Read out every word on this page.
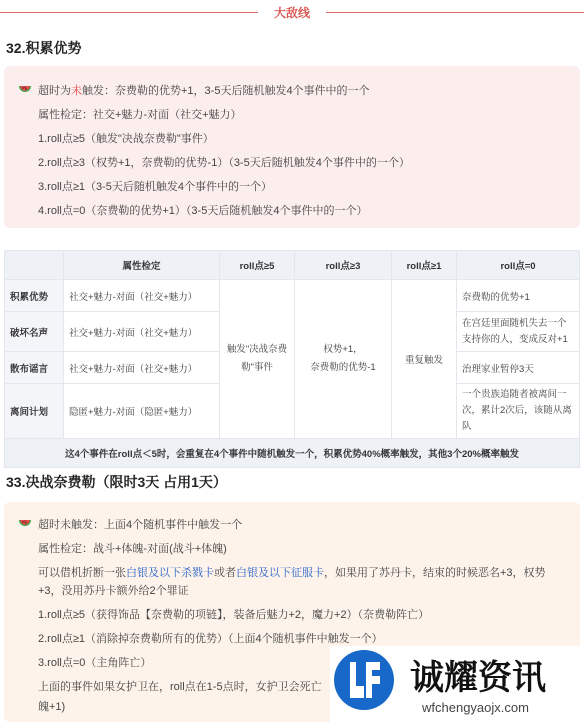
大敌线
32.积累优势
超时为未触发：奈费勒的优势+1，3-5天后随机触发4个事件中的一个
属性检定：社交+魅力-对面（社交+魅力）
1.roll点≥5（触发"决战奈费勒"事件）
2.roll点≥3（权势+1，奈费勒的优势-1）（3-5天后随机触发4个事件中的一个）
3.roll点≥1（3-5天后随机触发4个事件中的一个）
4.roll点=0（奈费勒的优势+1）（3-5天后随机触发4个事件中的一个）
	属性检定	roll点≥5	roll点≥3	roll点≥1	roll点=0
积累优势	社交+魅力-对面（社交+魅力）	触发"决战奈费勒"事件	权势+1，
奈费勒的优势-1	重复触发	奈费勒的优势+1
破坏名声	社交+魅力-对面（社交+魅力）				在宫廷里面随机失去一个支持你的人，变成反对+1
散布谣言	社交+魅力-对面（社交+魅力）				治理家业暂停3天
离间计划	隐匿+魅力-对面（隐匿+魅力）				一个贵族追随者被离间一次，累计2次后，该随从离队
这4个事件在roll点＜5时，会重复在4个事件中随机触发一个，积累优势40%概率触发，其他3个20%概率触发					
33.决战奈费勒（限时3天 占用1天）
超时未触发：上面4个随机事件中触发一个
属性检定：战斗+体魄-对面(战斗+体魄)
可以借机折断一张白银及以下杀戮卡或者白银及以下征服卡，如果用了苏丹卡，结束的时候恶名+3，权势
+3，没用苏丹卡额外给2个罪证
1.roll点≥5（获得饰品【奈费勒的项链】，装备后魅力+2，魔力+2）（奈费勒阵亡）
2.roll点≥1（消除掉奈费勒所有的优势）（上面4个随机事件中触发一个）
3.roll点=0（主角阵亡）
上面的事件如果女护卫在，roll点在1-5点时，女护卫会死亡
魄+1)
诚耀资讯
wfchengyaojx.com
